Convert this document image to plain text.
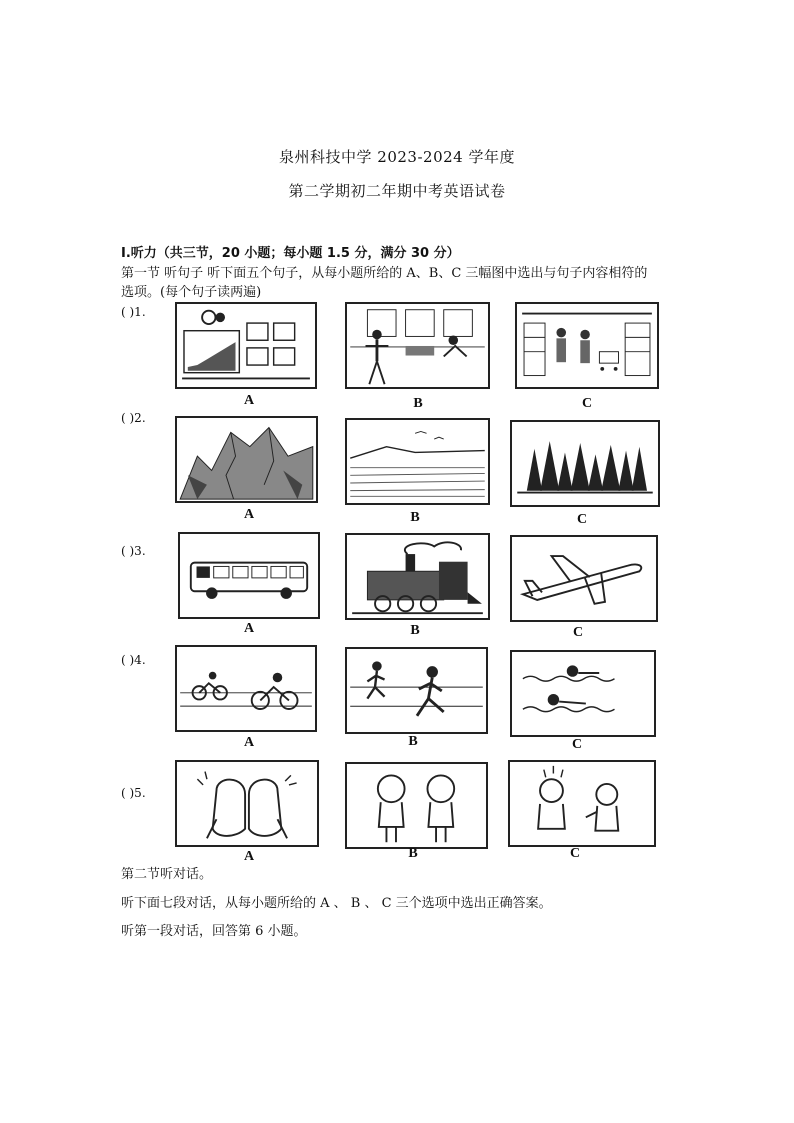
泉州科技中学 2023-2024 学年度
第二学期初二年期中考英语试卷
Ⅰ.听力（共三节，20 小题；每小题 1.5 分，满分 30 分）
第一节 听句子 听下面五个句子，从每小题所给的 A、B、C 三幅图中选出与句子内容相符的
选项。(每个句子读两遍)
( )1.
A	B	C
( )2.
A	B	C
( )3.
A	B	C
( )4.
A	B	C
( )5.
A	B	C
第二节听对话。
听下面七段对话，从每小题所给的 A 、 B 、 C 三个选项中选出正确答案。
听第一段对话，回答第 6 小题。
